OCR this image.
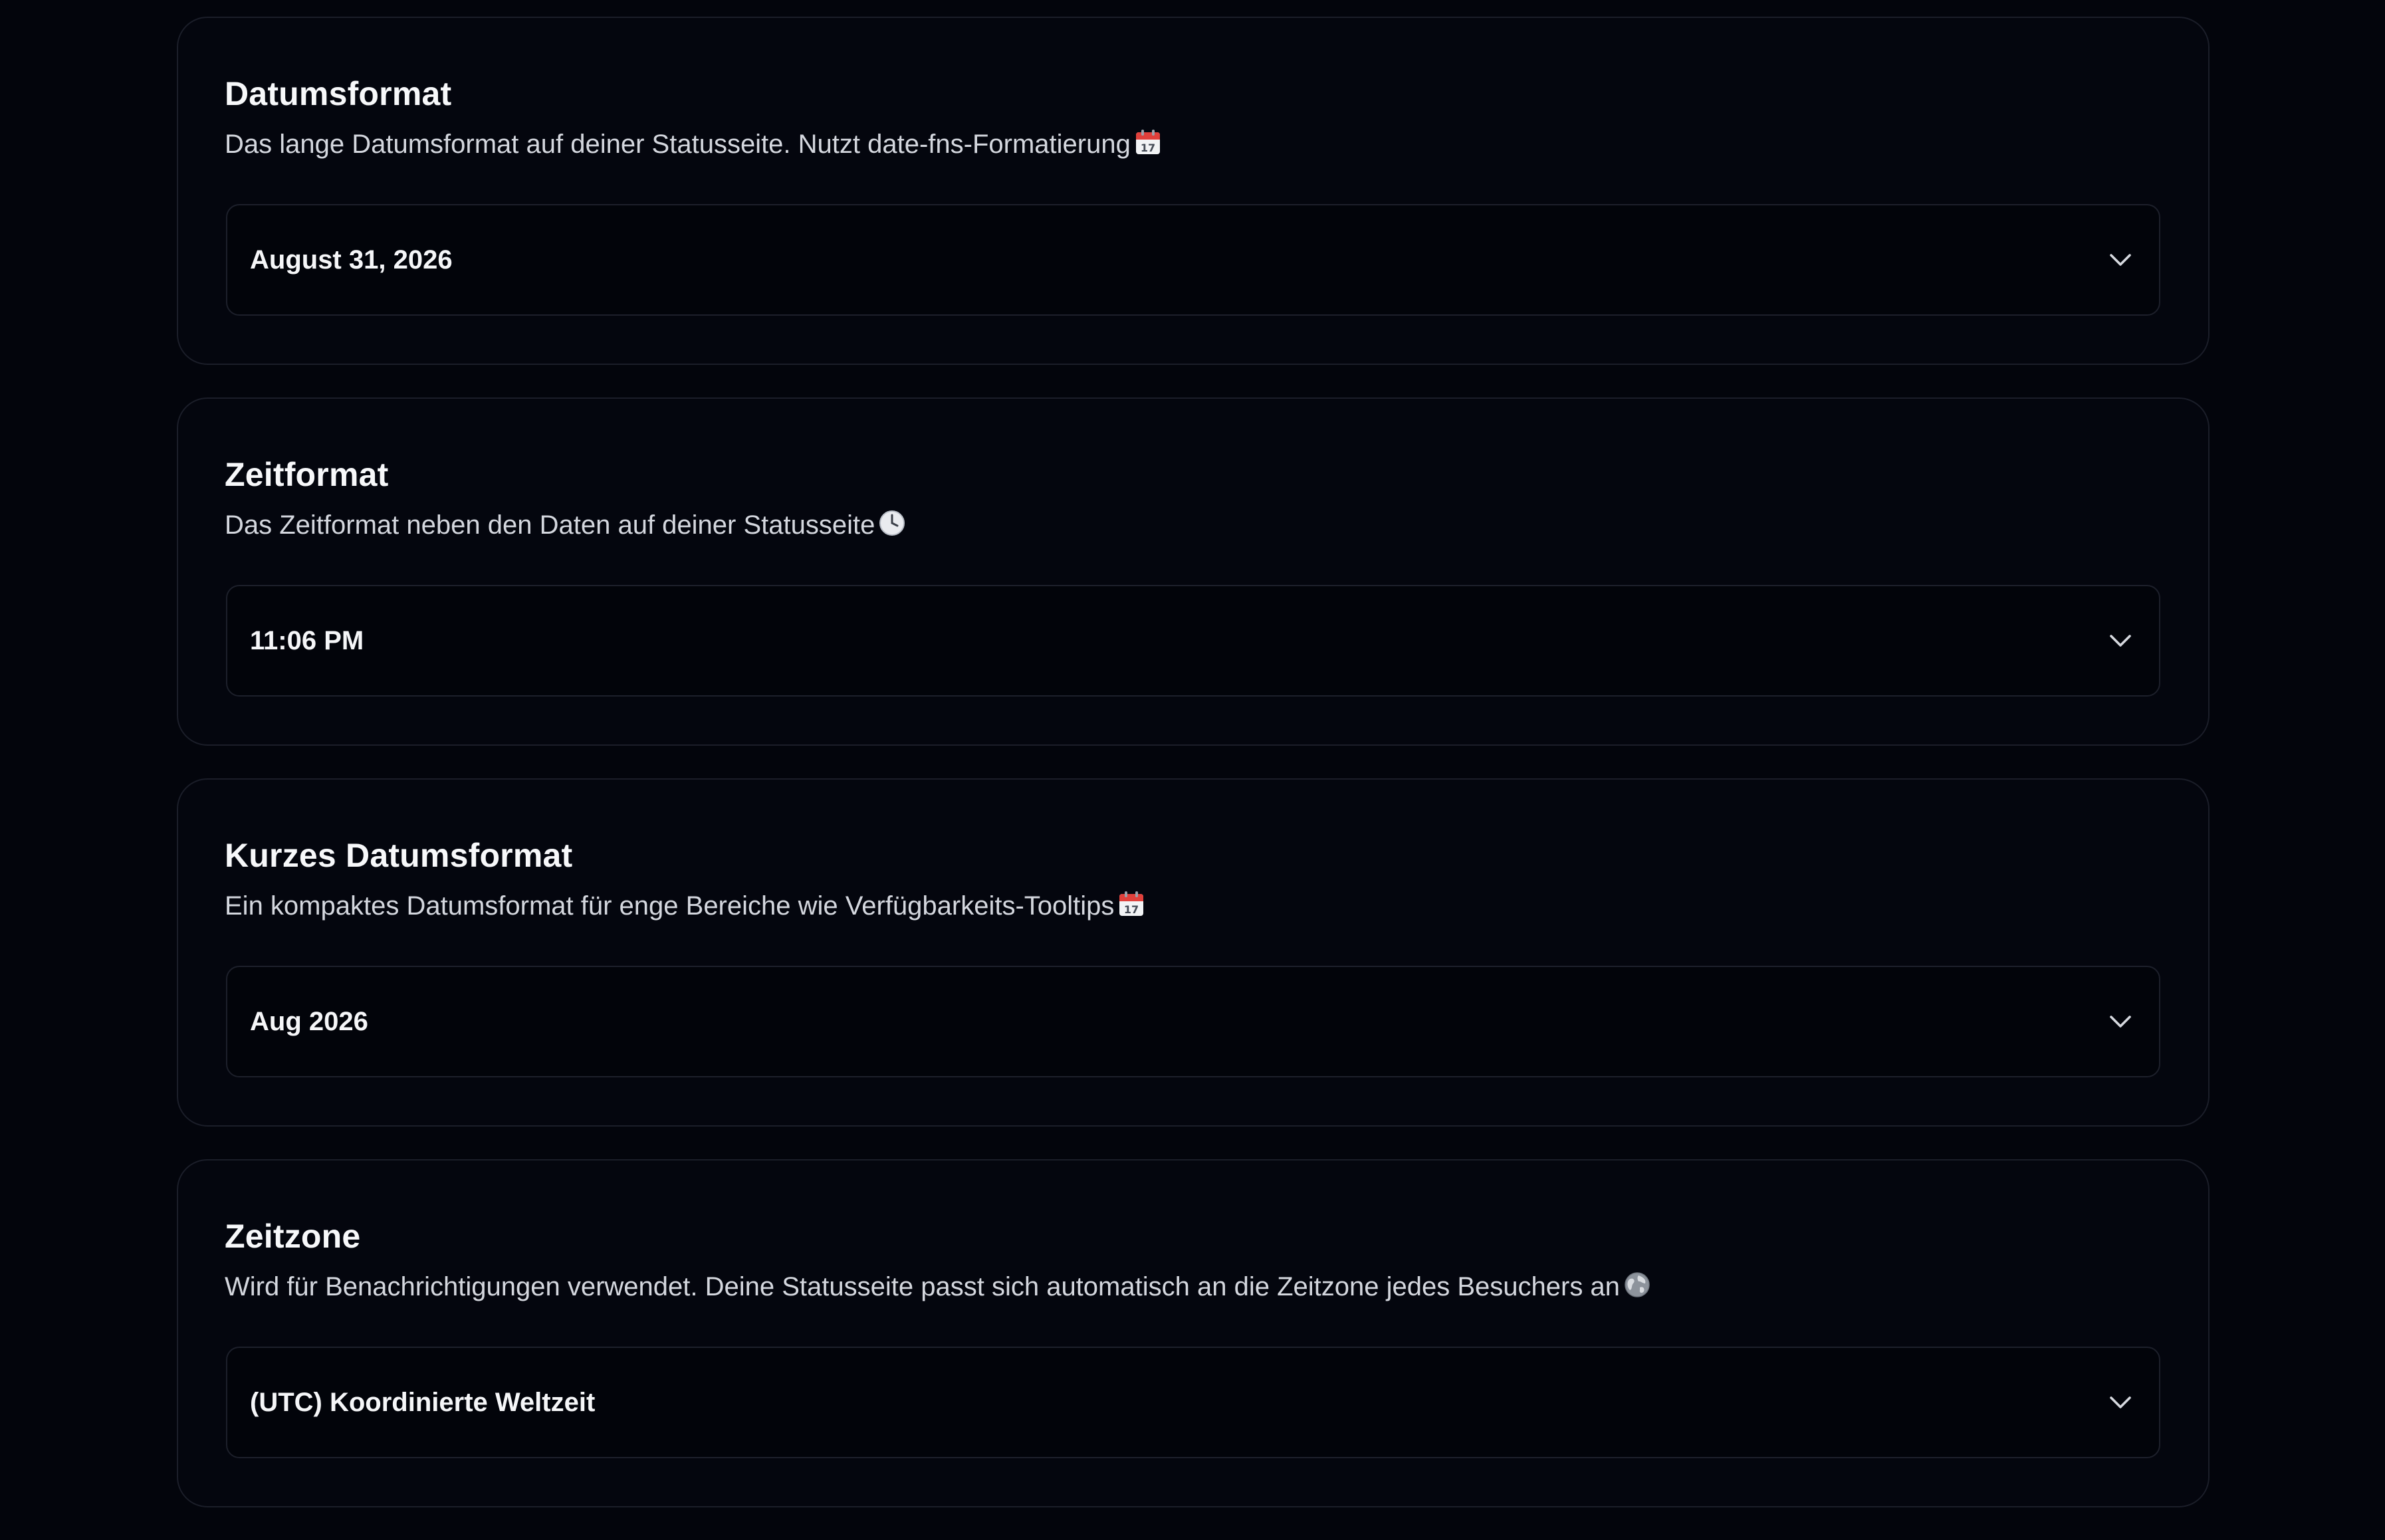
Datumsformat

Das lange Datumsformat auf deiner Statusseite. Nutzt date-fns-Formatierung 17

August 31, 2026
Zeitformat

Das Zeitformat neben den Daten auf deiner Statusseite

11:06 PM
Kurzes Datumsformat

Ein kompaktes Datumsformat für enge Bereiche wie Verfügbarkeits-Tooltips 17

Aug 2026
Zeitzone

Wird für Benachrichtigungen verwendet. Deine Statusseite passt sich automatisch an die Zeitzone jedes Besuchers an

(UTC) Koordinierte Weltzeit
